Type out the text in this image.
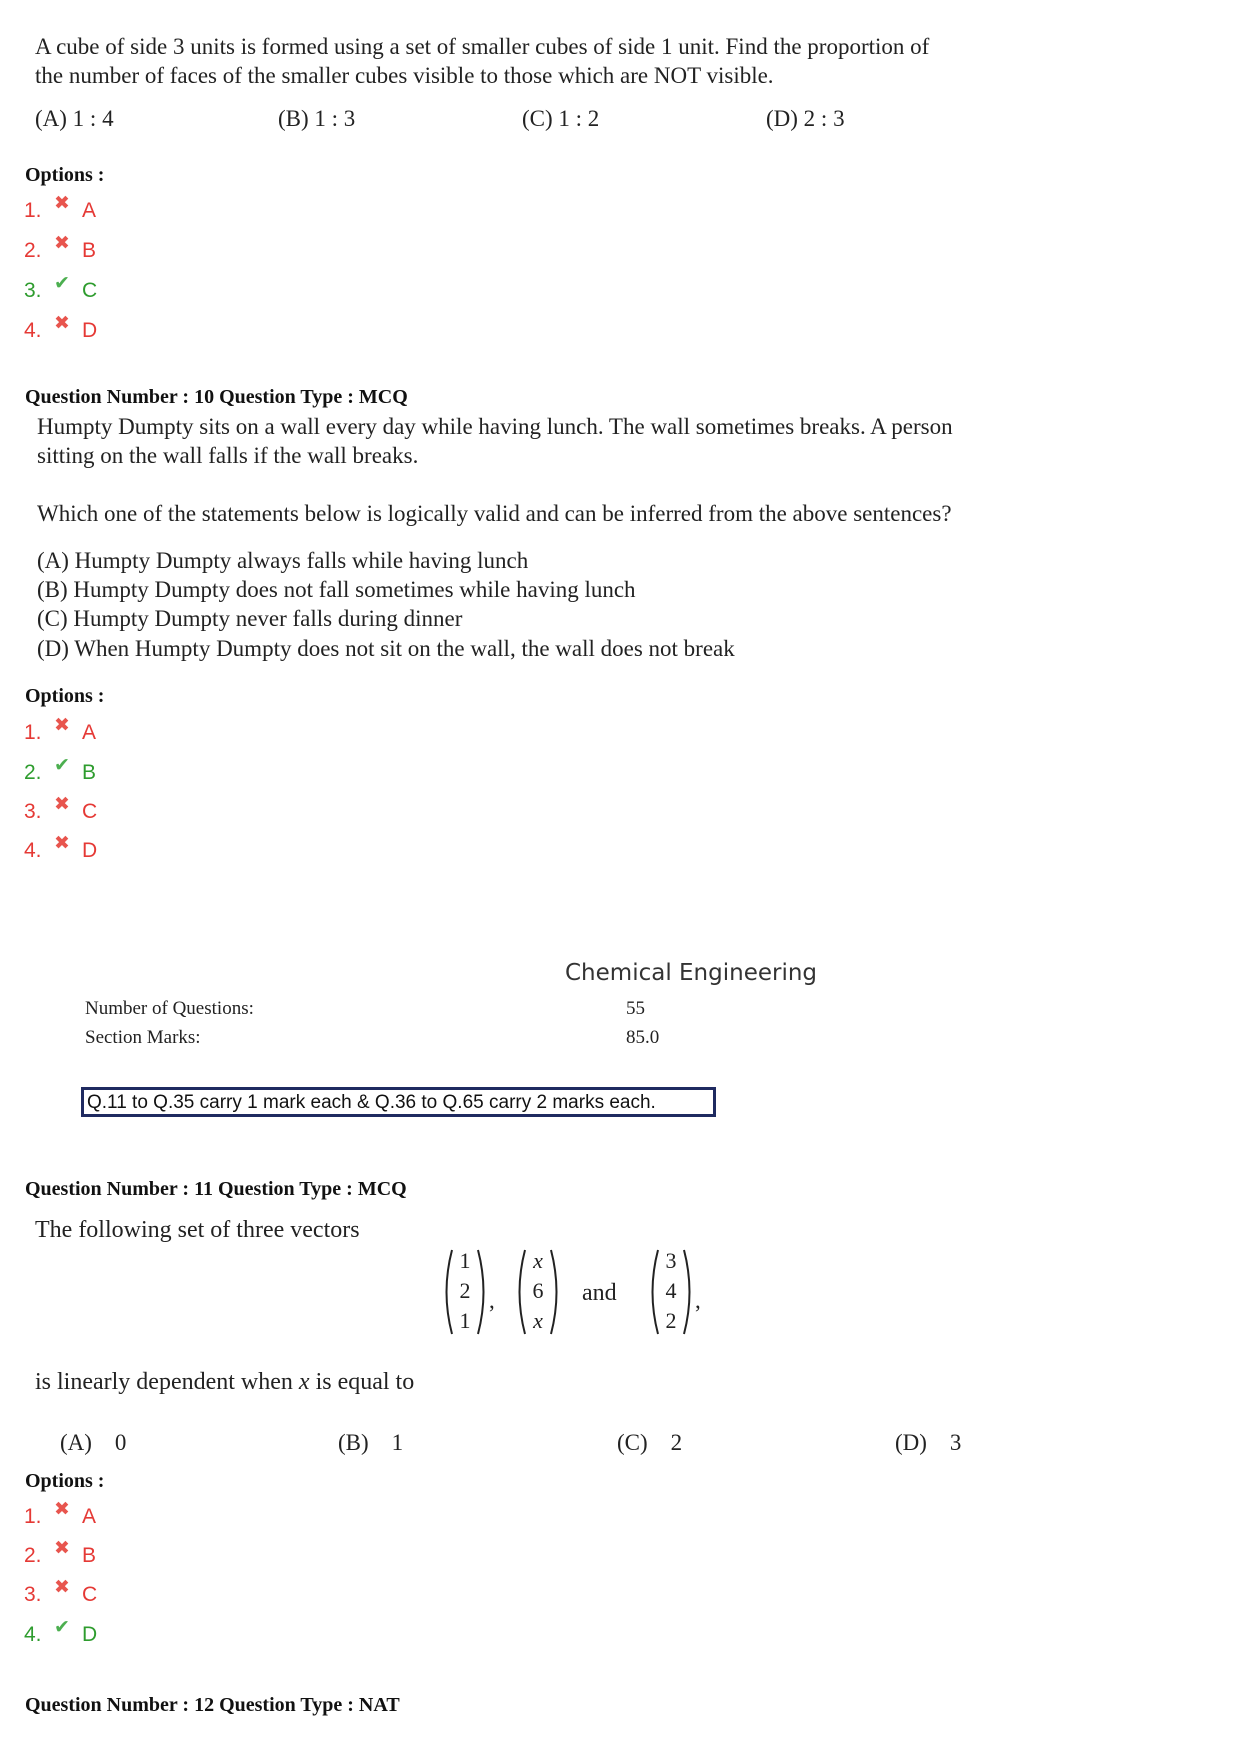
A cube of side 3 units is formed using a set of smaller cubes of side 1 unit. Find the proportion of
the number of faces of the smaller cubes visible to those which are NOT visible.
(A) 1 : 4	(B) 1 : 3	(C) 1 : 2	(D) 2 : 3
Options :
1. ✖ A
2. ✖ B
3. ✔ C
4. ✖ D
Question Number : 10 Question Type : MCQ
Humpty Dumpty sits on a wall every day while having lunch. The wall sometimes breaks. A person
sitting on the wall falls if the wall breaks.
Which one of the statements below is logically valid and can be inferred from the above sentences?
(A) Humpty Dumpty always falls while having lunch
(B) Humpty Dumpty does not fall sometimes while having lunch
(C) Humpty Dumpty never falls during dinner
(D) When Humpty Dumpty does not sit on the wall, the wall does not break
Options :
1. ✖ A
2. ✔ B
3. ✖ C
4. ✖ D
Chemical Engineering
Number of Questions:	55
Section Marks:	85.0
Q.11 to Q.35 carry 1 mark each & Q.36 to Q.65 carry 2 marks each.
Question Number : 11 Question Type : MCQ
The following set of three vectors
1
2
1
,
x
6
x
and
3
4
2
,
is linearly dependent when x is equal to
(A)    0	(B)    1	(C)    2	(D)    3
Options :
1. ✖ A
2. ✖ B
3. ✖ C
4. ✔ D
Question Number : 12 Question Type : NAT
